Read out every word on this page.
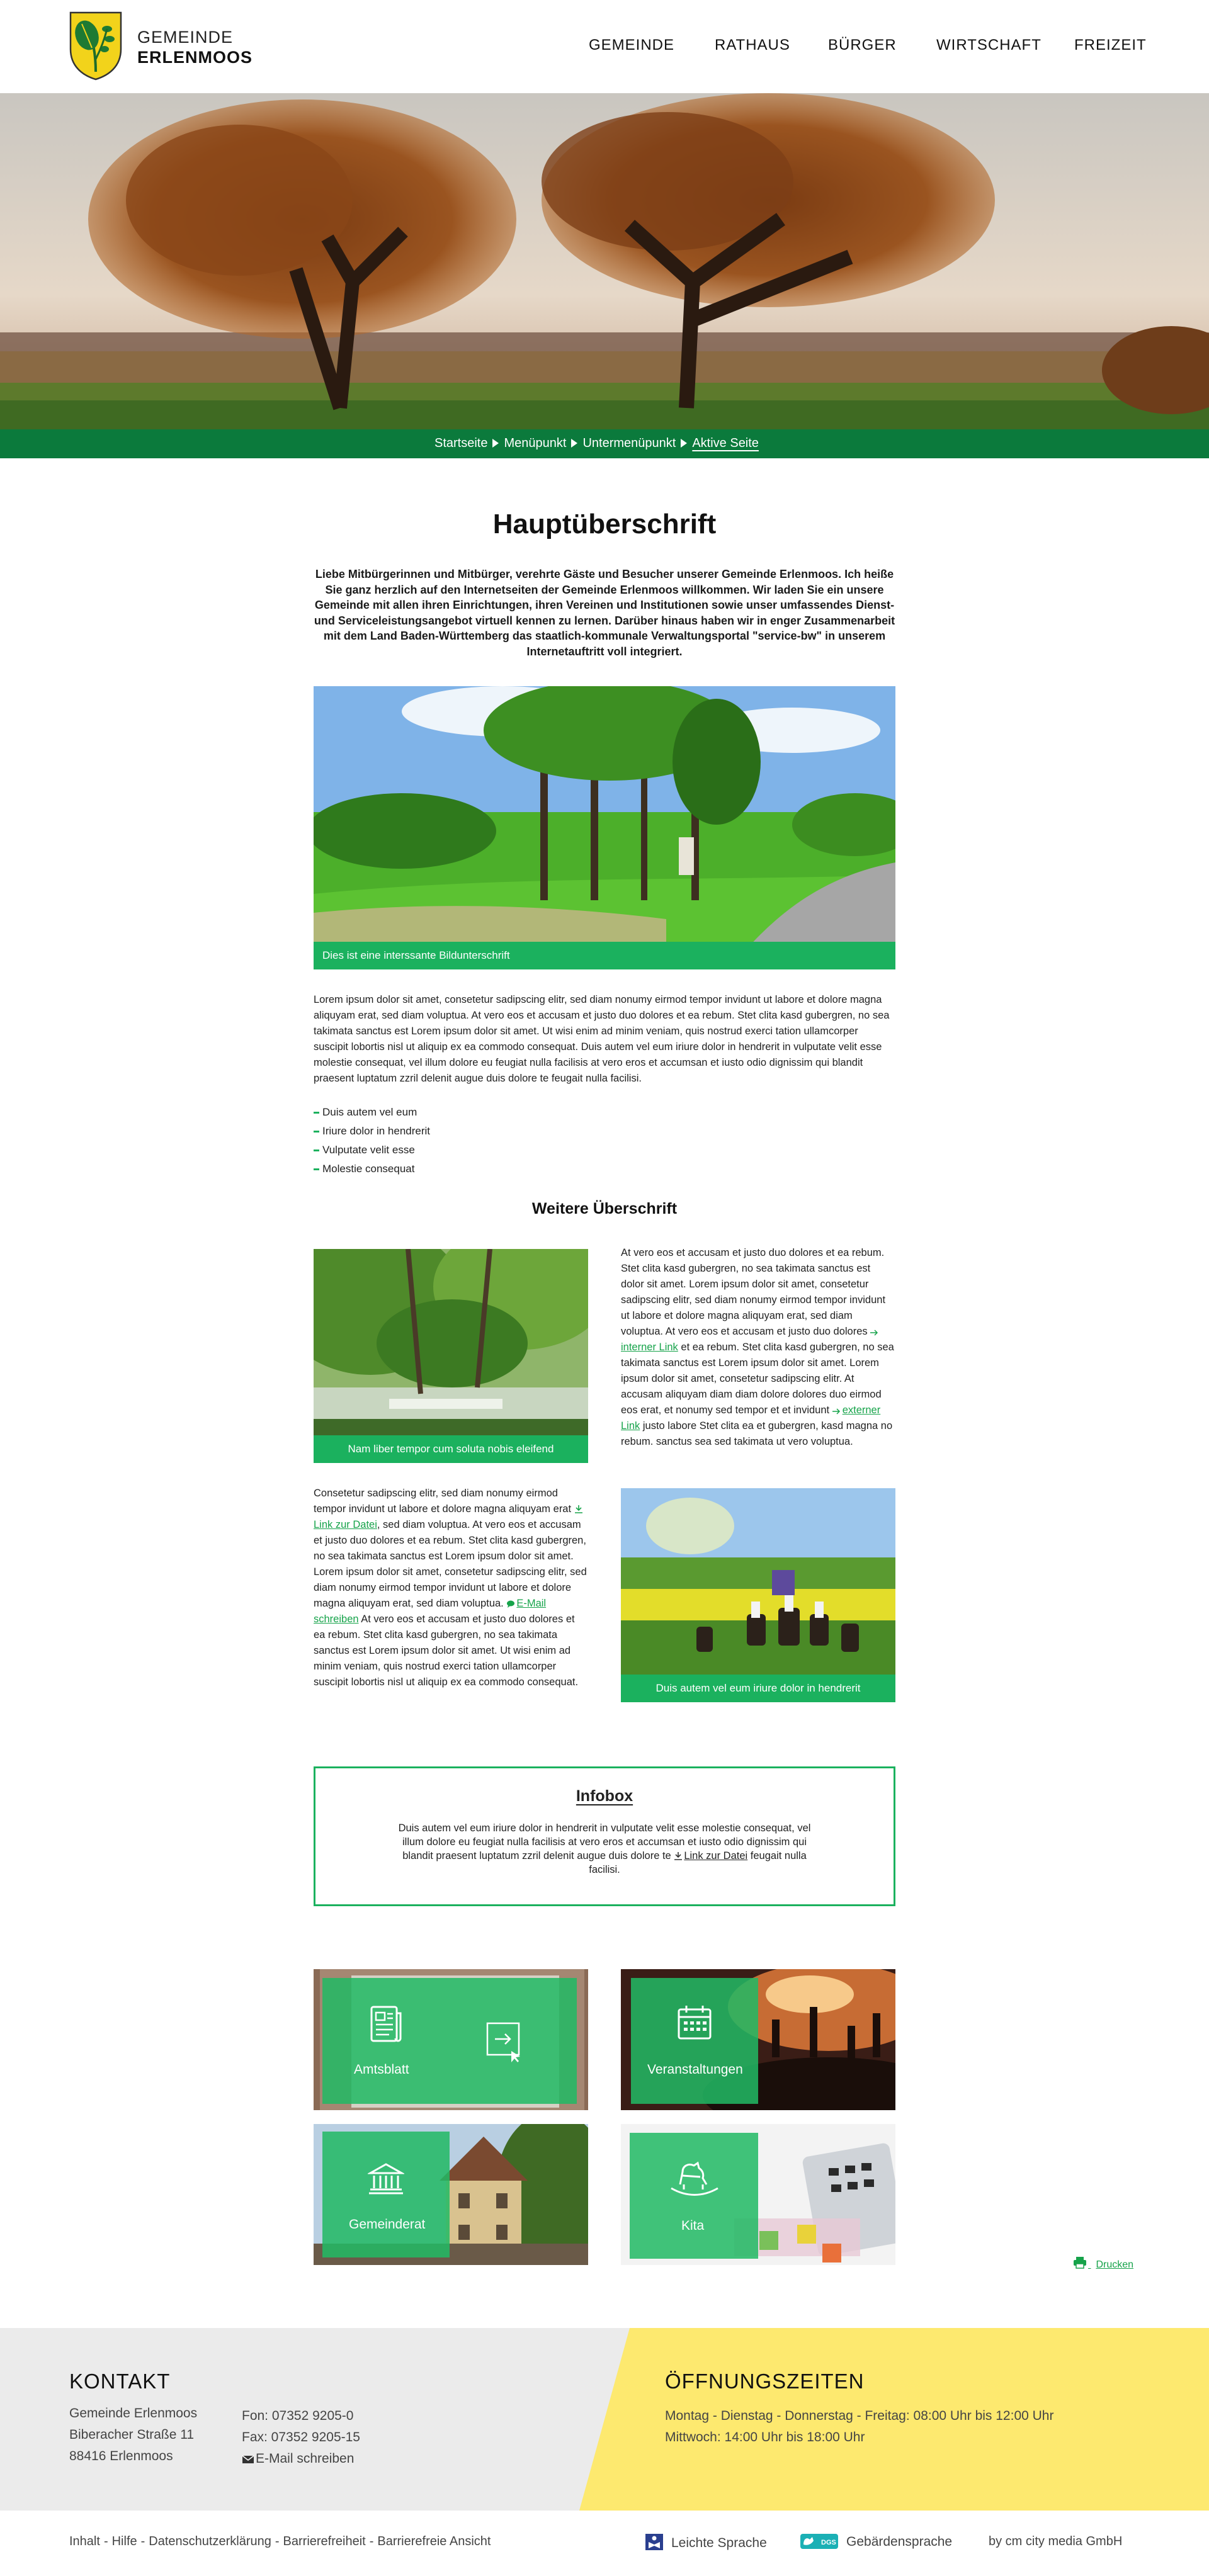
GEMEINDE
ERLENMOOS
GEMEINDE	RATHAUS	BÜRGER	WIRTSCHAFT FREIZEIT
Startseite Menüpunkt Untermenüpunkt Aktive Seite
Hauptüberschrift

Liebe Mitbürgerinnen und Mitbürger, verehrte Gäste und Besucher unserer Gemeinde Erlenmoos. Ich heiße Sie ganz herzlich auf den Internetseiten der Gemeinde Erlenmoos willkommen. Wir laden Sie ein unsere Gemeinde mit allen ihren Einrichtungen, ihren Vereinen und Institutionen sowie unser umfassendes Dienst- und Serviceleistungsangebot virtuell kennen zu lernen. Darüber hinaus haben wir in enger Zusammenarbeit mit dem Land Baden-Württemberg das staatlich-kommunale Verwaltungsportal "service-bw" in unserem Internetauftritt voll integriert.

Dies ist eine interssante Bildunterschrift

Lorem ipsum dolor sit amet, consetetur sadipscing elitr, sed diam nonumy eirmod tempor invidunt ut labore et dolore magna aliquyam erat, sed diam voluptua. At vero eos et accusam et justo duo dolores et ea rebum. Stet clita kasd gubergren, no sea takimata sanctus est Lorem ipsum dolor sit amet. Ut wisi enim ad minim veniam, quis nostrud exerci tation ullamcorper suscipit lobortis nisl ut aliquip ex ea commodo consequat. Duis autem vel eum iriure dolor in hendrerit in vulputate velit esse molestie consequat, vel illum dolore eu feugiat nulla facilisis at vero eros et accumsan et iusto odio dignissim qui blandit praesent luptatum zzril delenit augue duis dolore te feugait nulla facilisi.

Duis autem vel eum
Iriure dolor in hendrerit
Vulputate velit esse
Molestie consequat
Weitere Überschrift
Nam liber tempor cum soluta nobis eleifend
At vero eos et accusam et justo duo dolores et ea rebum. Stet clita kasd gubergren, no sea takimata sanctus est dolor sit amet. Lorem ipsum dolor sit amet, consetetur sadipscing elitr, sed diam nonumy eirmod tempor invidunt ut labore et dolore magna aliquyam erat, sed diam voluptua. At vero eos et accusam et justo duo dolores interner Link et ea rebum. Stet clita kasd gubergren, no sea takimata sanctus est Lorem ipsum dolor sit amet. Lorem ipsum dolor sit amet, consetetur sadipscing elitr. At accusam aliquyam diam diam dolore dolores duo eirmod eos erat, et nonumy sed tempor et et invidunt externer Link justo labore Stet clita ea et gubergren, kasd magna no rebum. sanctus sea sed takimata ut vero voluptua.
Consetetur sadipscing elitr, sed diam nonumy eirmod tempor invidunt ut labore et dolore magna aliquyam erat Link zur Datei, sed diam voluptua. At vero eos et accusam et justo duo dolores et ea rebum. Stet clita kasd gubergren, no sea takimata sanctus est Lorem ipsum dolor sit amet. Lorem ipsum dolor sit amet, consetetur sadipscing elitr, sed diam nonumy eirmod tempor invidunt ut labore et dolore magna aliquyam erat, sed diam voluptua. E-Mail schreiben At vero eos et accusam et justo duo dolores et ea rebum. Stet clita kasd gubergren, no sea takimata sanctus est Lorem ipsum dolor sit amet. Ut wisi enim ad minim veniam, quis nostrud exerci tation ullamcorper suscipit lobortis nisl ut aliquip ex ea commodo consequat.	Duis autem vel eum iriure dolor in hendrerit
Infobox
Duis autem vel eum iriure dolor in hendrerit in vulputate velit esse molestie consequat, vel illum dolore eu feugiat nulla facilisis at vero eros et accumsan et iusto odio dignissim qui blandit praesent luptatum zzril delenit augue duis dolore te Link zur Datei feugait nulla facilisi.
Amtsblatt	Veranstaltungen
Gemeinderat	Kita
Drucken
KONTAKT
Gemeinde Erlenmoos
Biberacher Straße 11
88416 Erlenmoos
Fon: 07352 9205-0
Fax: 07352 9205-15
E-Mail schreiben
ÖFFNUNGSZEITEN
Montag - Dienstag - Donnerstag - Freitag: 08:00 Uhr bis 12:00 Uhr
Mittwoch: 14:00 Uhr bis 18:00 Uhr
Inhalt - Hilfe - Datenschutzerklärung - Barrierefreiheit - Barrierefreie Ansicht	Leichte Sprache	DGS Gebärdensprache	by cm city media GmbH
